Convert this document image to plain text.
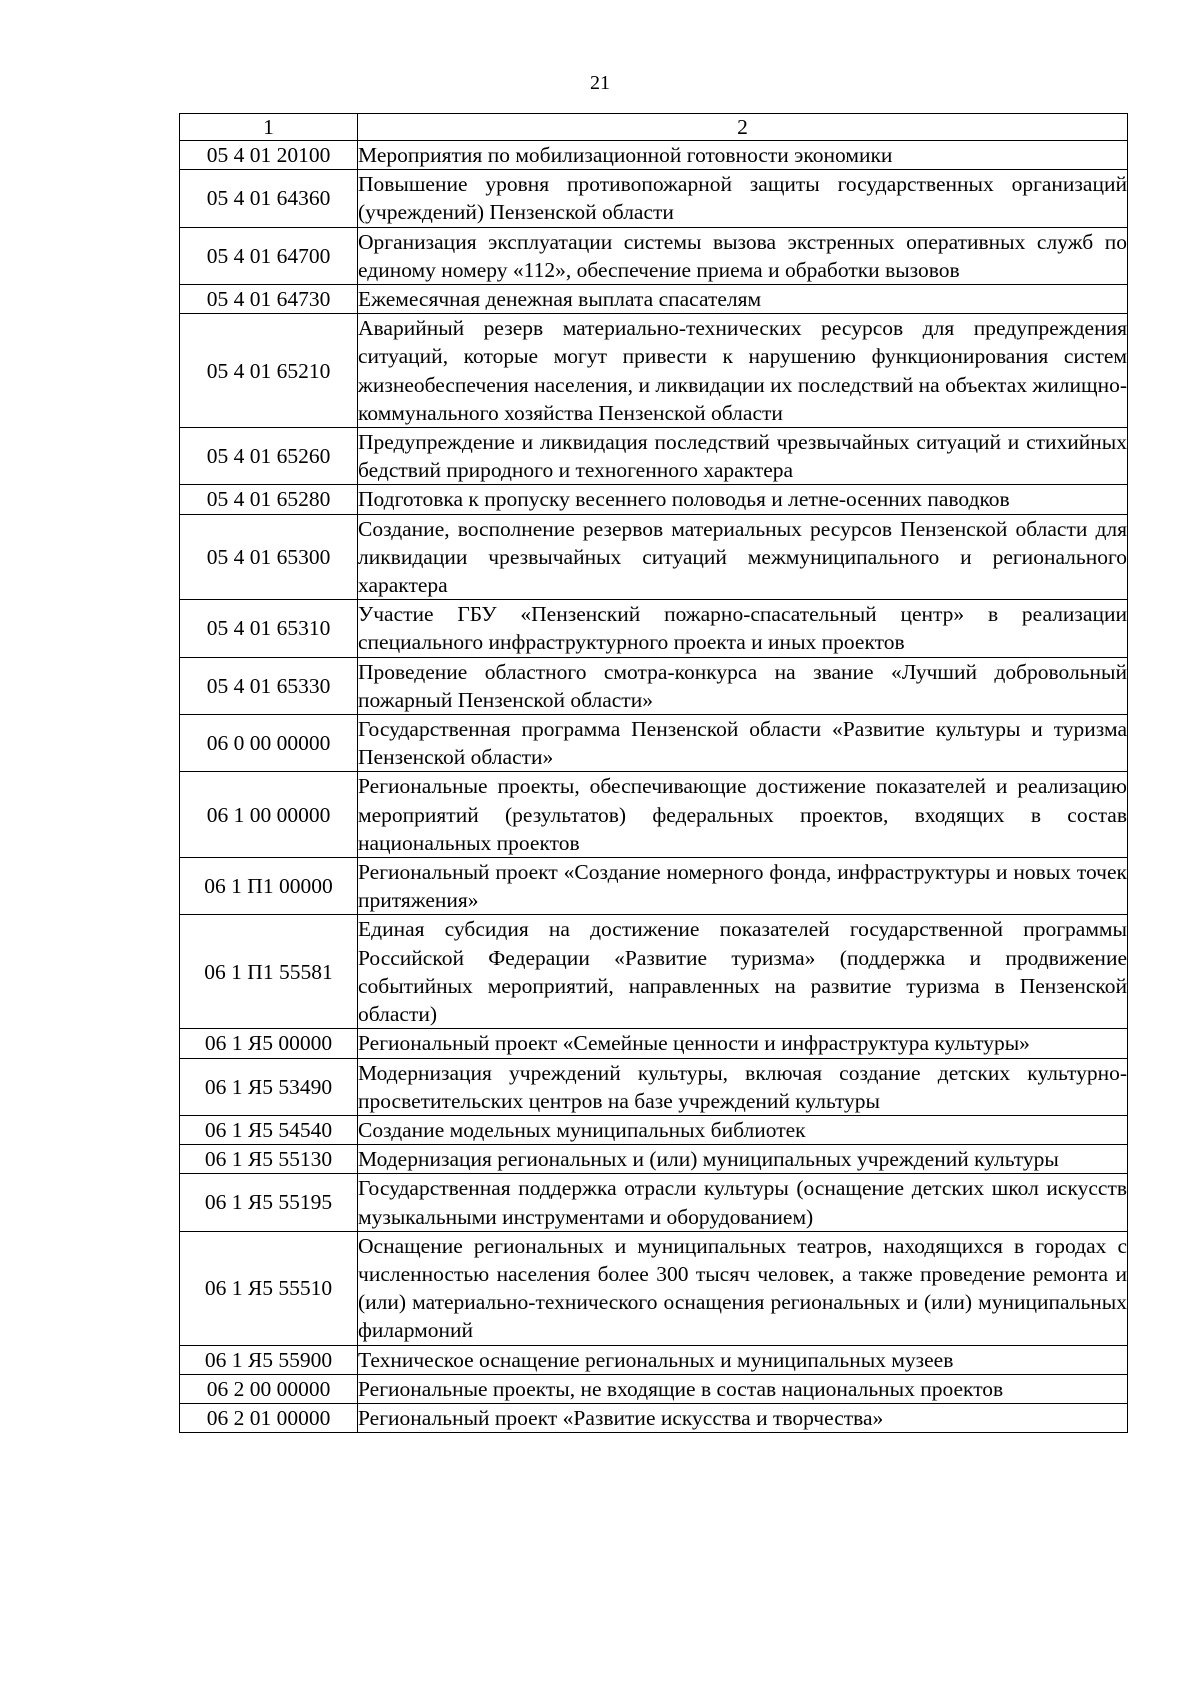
21
1	2
05 4 01 20100	Мероприятия по мобилизационной готовности экономики
05 4 01 64360	Повышение уровня противопожарной защиты государственных организаций (учреждений) Пензенской области
05 4 01 64700	Организация эксплуатации системы вызова экстренных оперативных служб по единому номеру «112», обеспечение приема и обработки вызовов
05 4 01 64730	Ежемесячная денежная выплата спасателям
05 4 01 65210	Аварийный резерв материально-технических ресурсов для предупреждения ситуаций, которые могут привести к нарушению функционирования систем жизнеобеспечения населения, и ликвидации их последствий на объектах жилищно-коммунального хозяйства Пензенской области
05 4 01 65260	Предупреждение и ликвидация последствий чрезвычайных ситуаций и стихийных бедствий природного и техногенного характера
05 4 01 65280	Подготовка к пропуску весеннего половодья и летне-осенних паводков
05 4 01 65300	Создание, восполнение резервов материальных ресурсов Пензенской области для ликвидации чрезвычайных ситуаций межмуниципального и регионального характера
05 4 01 65310	Участие ГБУ «Пензенский пожарно-спасательный центр» в реализации специального инфраструктурного проекта и иных проектов
05 4 01 65330	Проведение областного смотра-конкурса на звание «Лучший добровольный пожарный Пензенской области»
06 0 00 00000	Государственная программа Пензенской области «Развитие культуры и туризма Пензенской области»
06 1 00 00000	Региональные проекты, обеспечивающие достижение показателей и реализацию мероприятий (результатов) федеральных проектов, входящих в состав национальных проектов
06 1 П1 00000	Региональный проект «Создание номерного фонда, инфраструктуры и новых точек притяжения»
06 1 П1 55581	Единая субсидия на достижение показателей государственной программы Российской Федерации «Развитие туризма» (поддержка и продвижение событийных мероприятий, направленных на развитие туризма в Пензенской области)
06 1 Я5 00000	Региональный проект «Семейные ценности и инфраструктура культуры»
06 1 Я5 53490	Модернизация учреждений культуры, включая создание детских культурно-просветительских центров на базе учреждений культуры
06 1 Я5 54540	Создание модельных муниципальных библиотек
06 1 Я5 55130	Модернизация региональных и (или) муниципальных учреждений культуры
06 1 Я5 55195	Государственная поддержка отрасли культуры (оснащение детских школ искусств музыкальными инструментами и оборудованием)
06 1 Я5 55510	Оснащение региональных и муниципальных театров, находящихся в городах с численностью населения более 300 тысяч человек, а также проведение ремонта и (или) материально-технического оснащения региональных и (или) муниципальных филармоний
06 1 Я5 55900	Техническое оснащение региональных и муниципальных музеев
06 2 00 00000	Региональные проекты, не входящие в состав национальных проектов
06 2 01 00000	Региональный проект «Развитие искусства и творчества»
